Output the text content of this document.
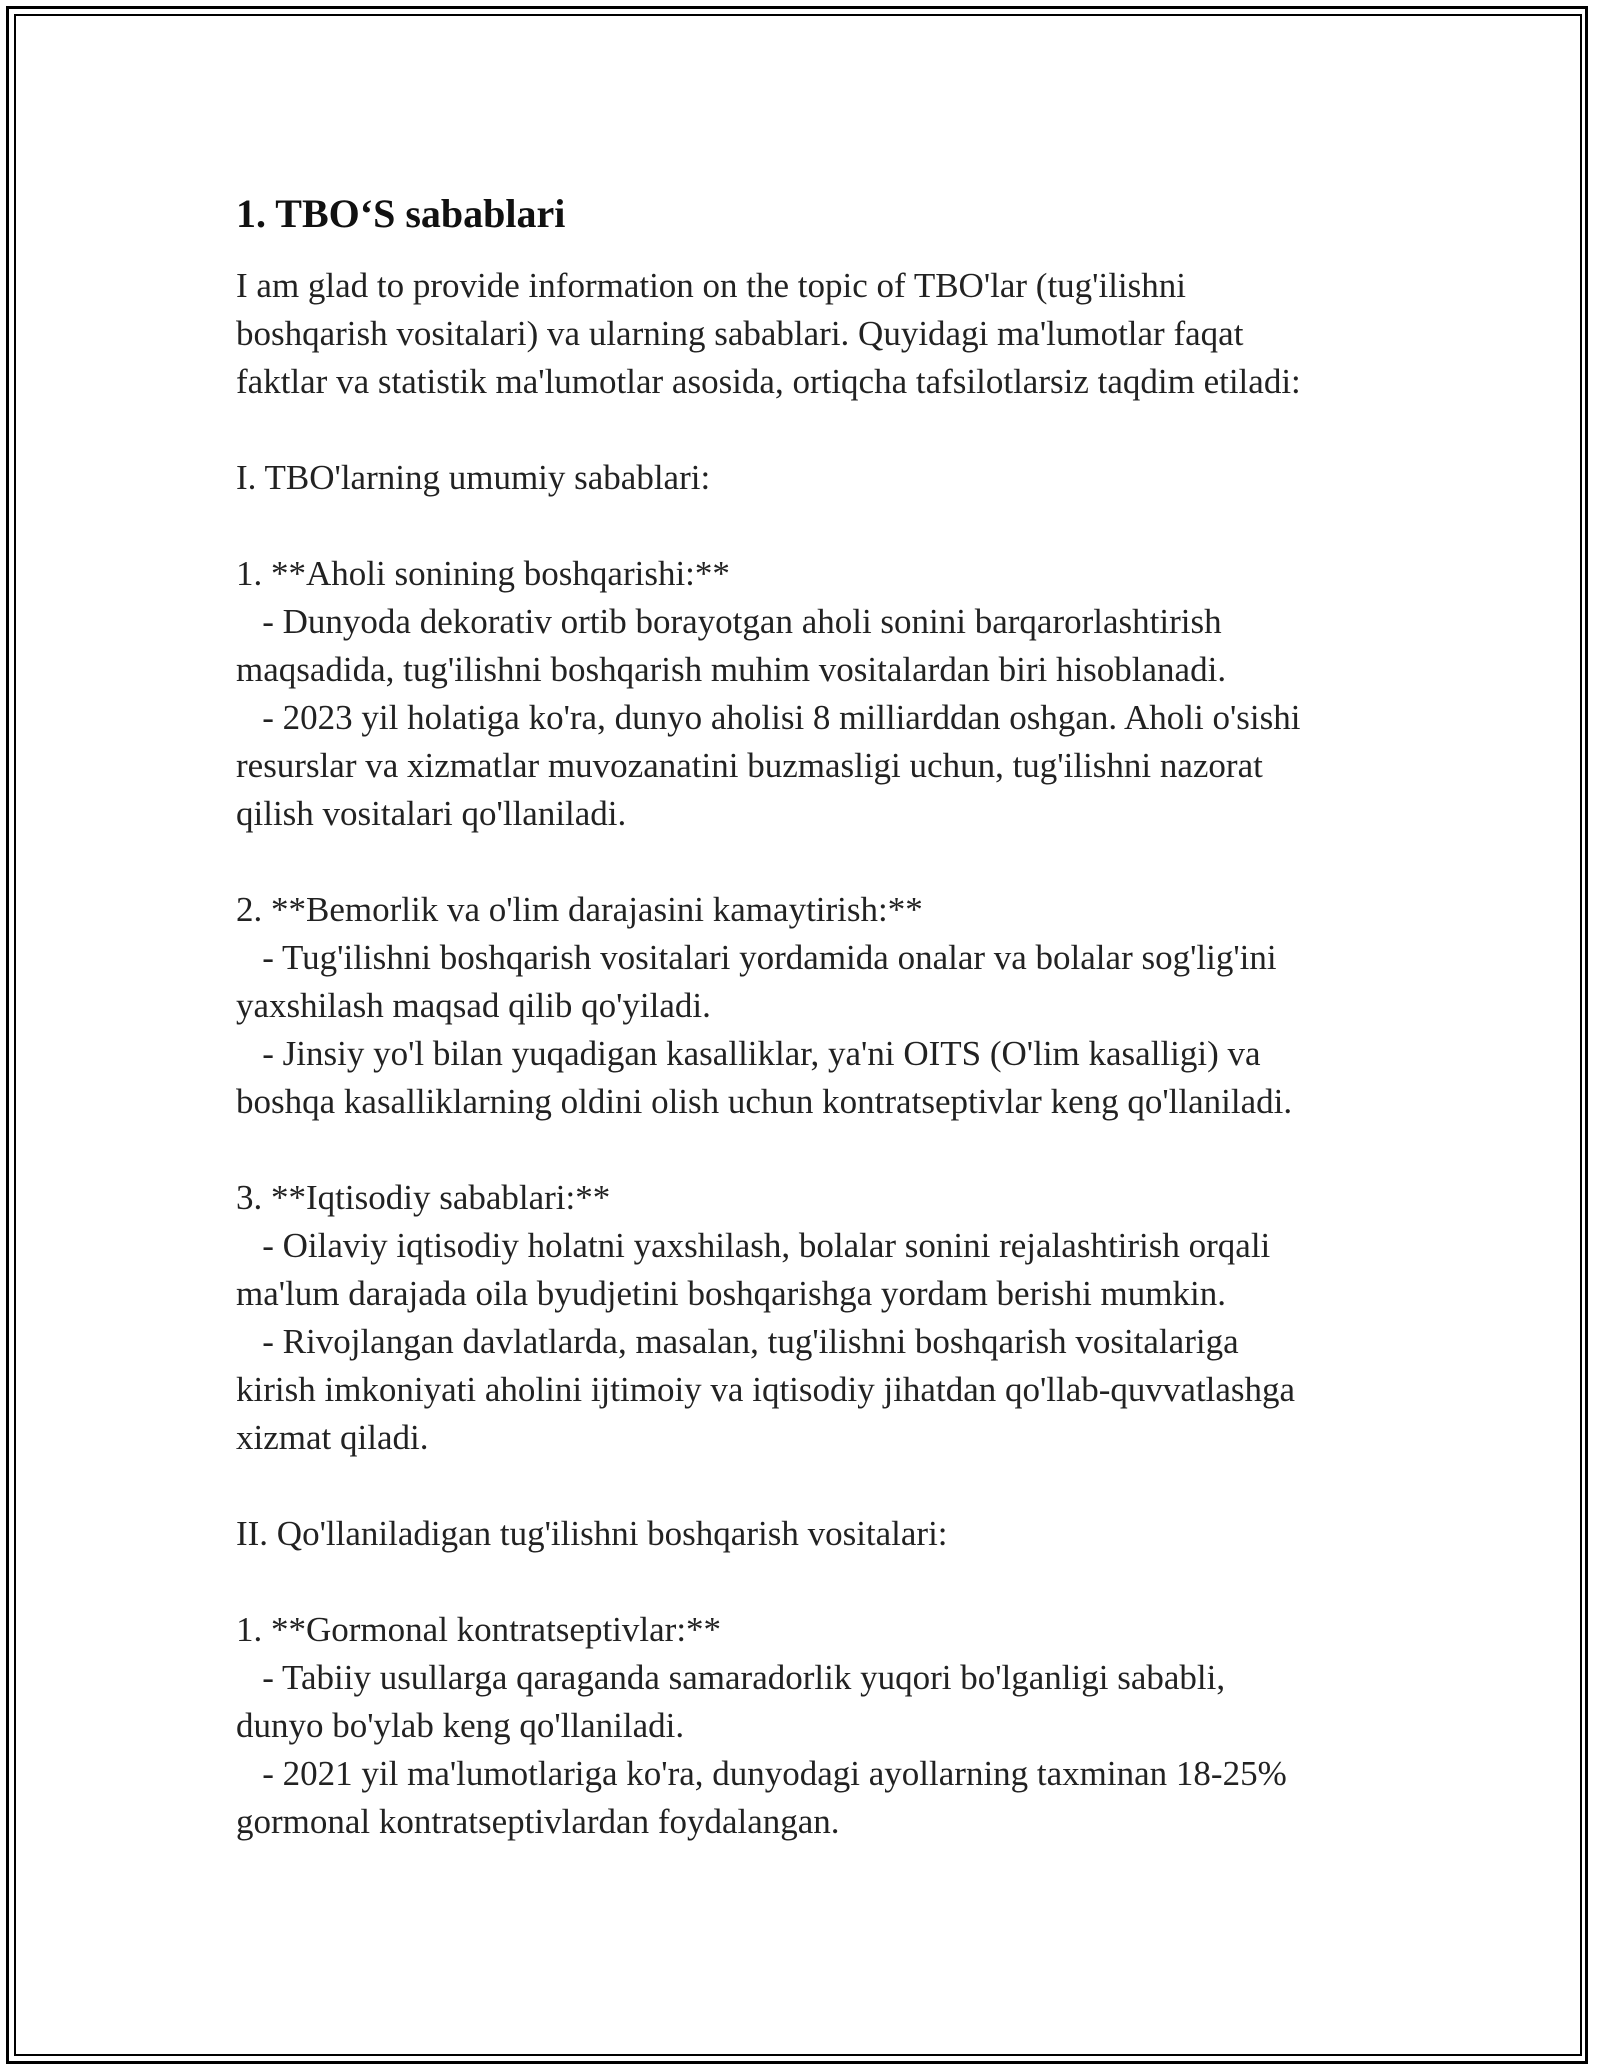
1. TBO‘S sabablari

I am glad to provide information on the topic of TBO'lar (tug'ilishni

boshqarish vositalari) va ularning sabablari. Quyidagi ma'lumotlar faqat

faktlar va statistik ma'lumotlar asosida, ortiqcha tafsilotlarsiz taqdim etiladi:

I. TBO'larning umumiy sabablari:

1. **Aholi sonining boshqarishi:**

- Dunyoda dekorativ ortib borayotgan aholi sonini barqarorlashtirish

maqsadida, tug'ilishni boshqarish muhim vositalardan biri hisoblanadi.

- 2023 yil holatiga ko'ra, dunyo aholisi 8 milliarddan oshgan. Aholi o'sishi

resurslar va xizmatlar muvozanatini buzmasligi uchun, tug'ilishni nazorat

qilish vositalari qo'llaniladi.

2. **Bemorlik va o'lim darajasini kamaytirish:**

- Tug'ilishni boshqarish vositalari yordamida onalar va bolalar sog'lig'ini

yaxshilash maqsad qilib qo'yiladi.

- Jinsiy yo'l bilan yuqadigan kasalliklar, ya'ni OITS (O'lim kasalligi) va

boshqa kasalliklarning oldini olish uchun kontratseptivlar keng qo'llaniladi.

3. **Iqtisodiy sabablari:**

- Oilaviy iqtisodiy holatni yaxshilash, bolalar sonini rejalashtirish orqali

ma'lum darajada oila byudjetini boshqarishga yordam berishi mumkin.

- Rivojlangan davlatlarda, masalan, tug'ilishni boshqarish vositalariga

kirish imkoniyati aholini ijtimoiy va iqtisodiy jihatdan qo'llab-quvvatlashga

xizmat qiladi.

II. Qo'llaniladigan tug'ilishni boshqarish vositalari:

1. **Gormonal kontratseptivlar:**

- Tabiiy usullarga qaraganda samaradorlik yuqori bo'lganligi sababli,

dunyo bo'ylab keng qo'llaniladi.

- 2021 yil ma'lumotlariga ko'ra, dunyodagi ayollarning taxminan 18-25%

gormonal kontratseptivlardan foydalangan.
